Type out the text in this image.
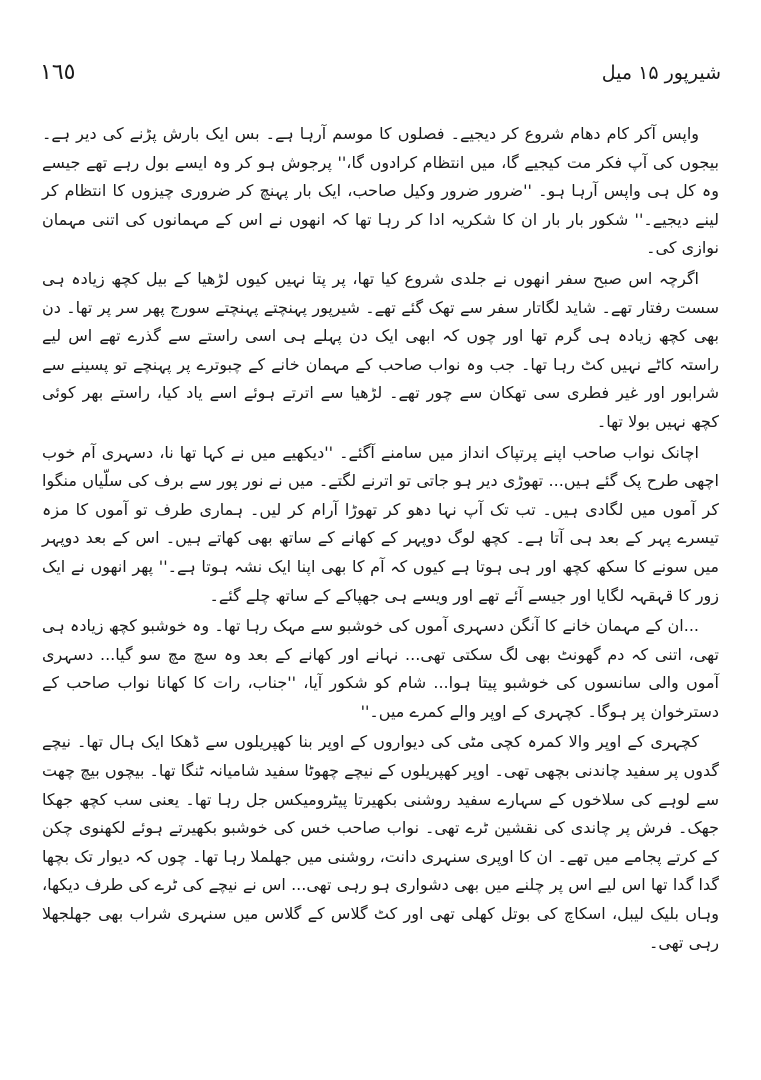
١٦٥	شیرپور ۱۵ میل

واپس آکر کام دھام شروع کر دیجیے۔ فصلوں کا موسم آرہا ہے۔ بس ایک بارش پڑنے کی دیر ہے۔ بیجوں کی آپ فکر مت کیجیے گا، میں انتظام کرادوں گا،'' پرجوش ہو کر وہ ایسے بول رہے تھے جیسے وہ کل ہی واپس آرہا ہو۔ ''ضرور ضرور وکیل صاحب، ایک بار پہنچ کر ضروری چیزوں کا انتظام کر لینے دیجیے۔'' شکور بار بار ان کا شکریہ ادا کر رہا تھا کہ انھوں نے اس کے مہمانوں کی اتنی مہمان نوازی کی۔

اگرچہ اس صبح سفر انھوں نے جلدی شروع کیا تھا، پر پتا نہیں کیوں لڑھیا کے بیل کچھ زیادہ ہی سست رفتار تھے۔ شاید لگاتار سفر سے تھک گئے تھے۔ شیرپور پہنچتے پہنچتے سورج پھر سر پر تھا۔ دن بھی کچھ زیادہ ہی گرم تھا اور چوں کہ ابھی ایک دن پہلے ہی اسی راستے سے گذرے تھے اس لیے راستہ کاٹے نہیں کٹ رہا تھا۔ جب وہ نواب صاحب کے مہمان خانے کے چبوترے پر پہنچے تو پسینے سے شرابور اور غیر فطری سی تھکان سے چور تھے۔ لڑھیا سے اترتے ہوئے اسے یاد کیا، راستے بھر کوئی کچھ نہیں بولا تھا۔

اچانک نواب صاحب اپنے پرتپاک انداز میں سامنے آگئے۔ ''دیکھیے میں نے کہا تھا نا، دسہری آم خوب اچھی طرح پک گئے ہیں... تھوڑی دیر ہو جاتی تو اترنے لگتے۔ میں نے نور پور سے برف کی سلّیاں منگوا کر آموں میں لگادی ہیں۔ تب تک آپ نہا دھو کر تھوڑا آرام کر لیں۔ ہماری طرف تو آموں کا مزہ تیسرے پہر کے بعد ہی آتا ہے۔ کچھ لوگ دوپہر کے کھانے کے ساتھ بھی کھاتے ہیں۔ اس کے بعد دوپہر میں سونے کا سکھ کچھ اور ہی ہوتا ہے کیوں کہ آم کا بھی اپنا ایک نشہ ہوتا ہے۔'' پھر انھوں نے ایک زور کا قہقہہ لگایا اور جیسے آئے تھے اور ویسے ہی جھپاکے کے ساتھ چلے گئے۔

...ان کے مہمان خانے کا آنگن دسہری آموں کی خوشبو سے مہک رہا تھا۔ وہ خوشبو کچھ زیادہ ہی تھی، اتنی کہ دم گھونٹ بھی لگ سکتی تھی... نہانے اور کھانے کے بعد وہ سچ مچ سو گیا... دسہری آموں والی سانسوں کی خوشبو پیتا ہوا... شام کو شکور آیا، ''جناب، رات کا کھانا نواب صاحب کے دسترخوان پر ہوگا۔ کچہری کے اوپر والے کمرے میں۔''

کچہری کے اوپر والا کمرہ کچی مٹی کی دیواروں کے اوپر بنا کھپریلوں سے ڈھکا ایک ہال تھا۔ نیچے گدوں پر سفید چاندنی بچھی تھی۔ اوپر کھپریلوں کے نیچے چھوٹا سفید شامیانہ ٹنگا تھا۔ بیچوں بیچ چھت سے لوہے کی سلاخوں کے سہارے سفید روشنی بکھیرتا پیٹرومیکس جل رہا تھا۔ یعنی سب کچھ جھکا جھک۔ فرش پر چاندی کی نقشین ٹرے تھی۔ نواب صاحب خس کی خوشبو بکھیرتے ہوئے لکھنوی چکن کے کرتے پجامے میں تھے۔ ان کا اوپری سنہری دانت، روشنی میں جھلملا رہا تھا۔ چوں کہ دیوار تک بچھا گدا گدا تھا اس لیے اس پر چلنے میں بھی دشواری ہو رہی تھی... اس نے نیچے کی ٹرے کی طرف دیکھا، وہاں بلیک لیبل، اسکاچ کی بوتل کھلی تھی اور کٹ گلاس کے گلاس میں سنہری شراب بھی جھلجھلا رہی تھی۔
